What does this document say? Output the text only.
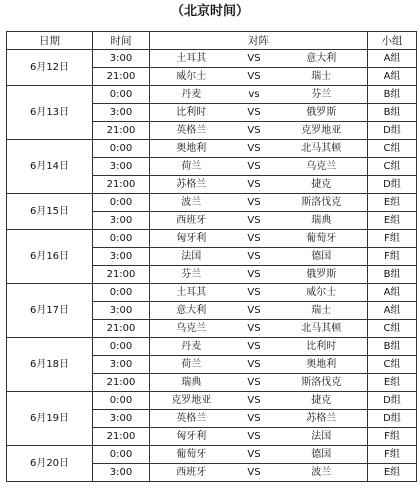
（北京时间）
日期	时间	对阵			小组
6月12日	3:00	土耳其	VS	意大利	A组
	21:00	威尔士	VS	瑞士	A组
6月13日	0:00	丹麦	vs	芬兰	B组
	3:00	比利时	VS	俄罗斯	B组
	21:00	英格兰	VS	克罗地亚	D组
6月14日	0:00	奥地利	VS	北马其顿	C组
	3:00	荷兰	VS	乌克兰	C组
	21:00	苏格兰	VS	捷克	D组
6月15日	0:00	波兰	VS	斯洛伐克	E组
	3:00	西班牙	VS	瑞典	E组
6月16日	0:00	匈牙利	VS	葡萄牙	F组
	3:00	法国	VS	德国	F组
	21:00	芬兰	VS	俄罗斯	B组
6月17日	0:00	土耳其	VS	威尔士	A组
	3:00	意大利	VS	瑞士	A组
	21:00	乌克兰	VS	北马其顿	C组
6月18日	0:00	丹麦	VS	比利时	B组
	3:00	荷兰	VS	奥地利	C组
	21:00	瑞典	VS	斯洛伐克	E组
6月19日	0:00	克罗地亚	VS	捷克	D组
	3:00	英格兰	VS	苏格兰	D组
	21:00	匈牙利	VS	法国	F组
6月20日	0:00	葡萄牙	VS	德国	F组
	3:00	西班牙	VS	波兰	E组
